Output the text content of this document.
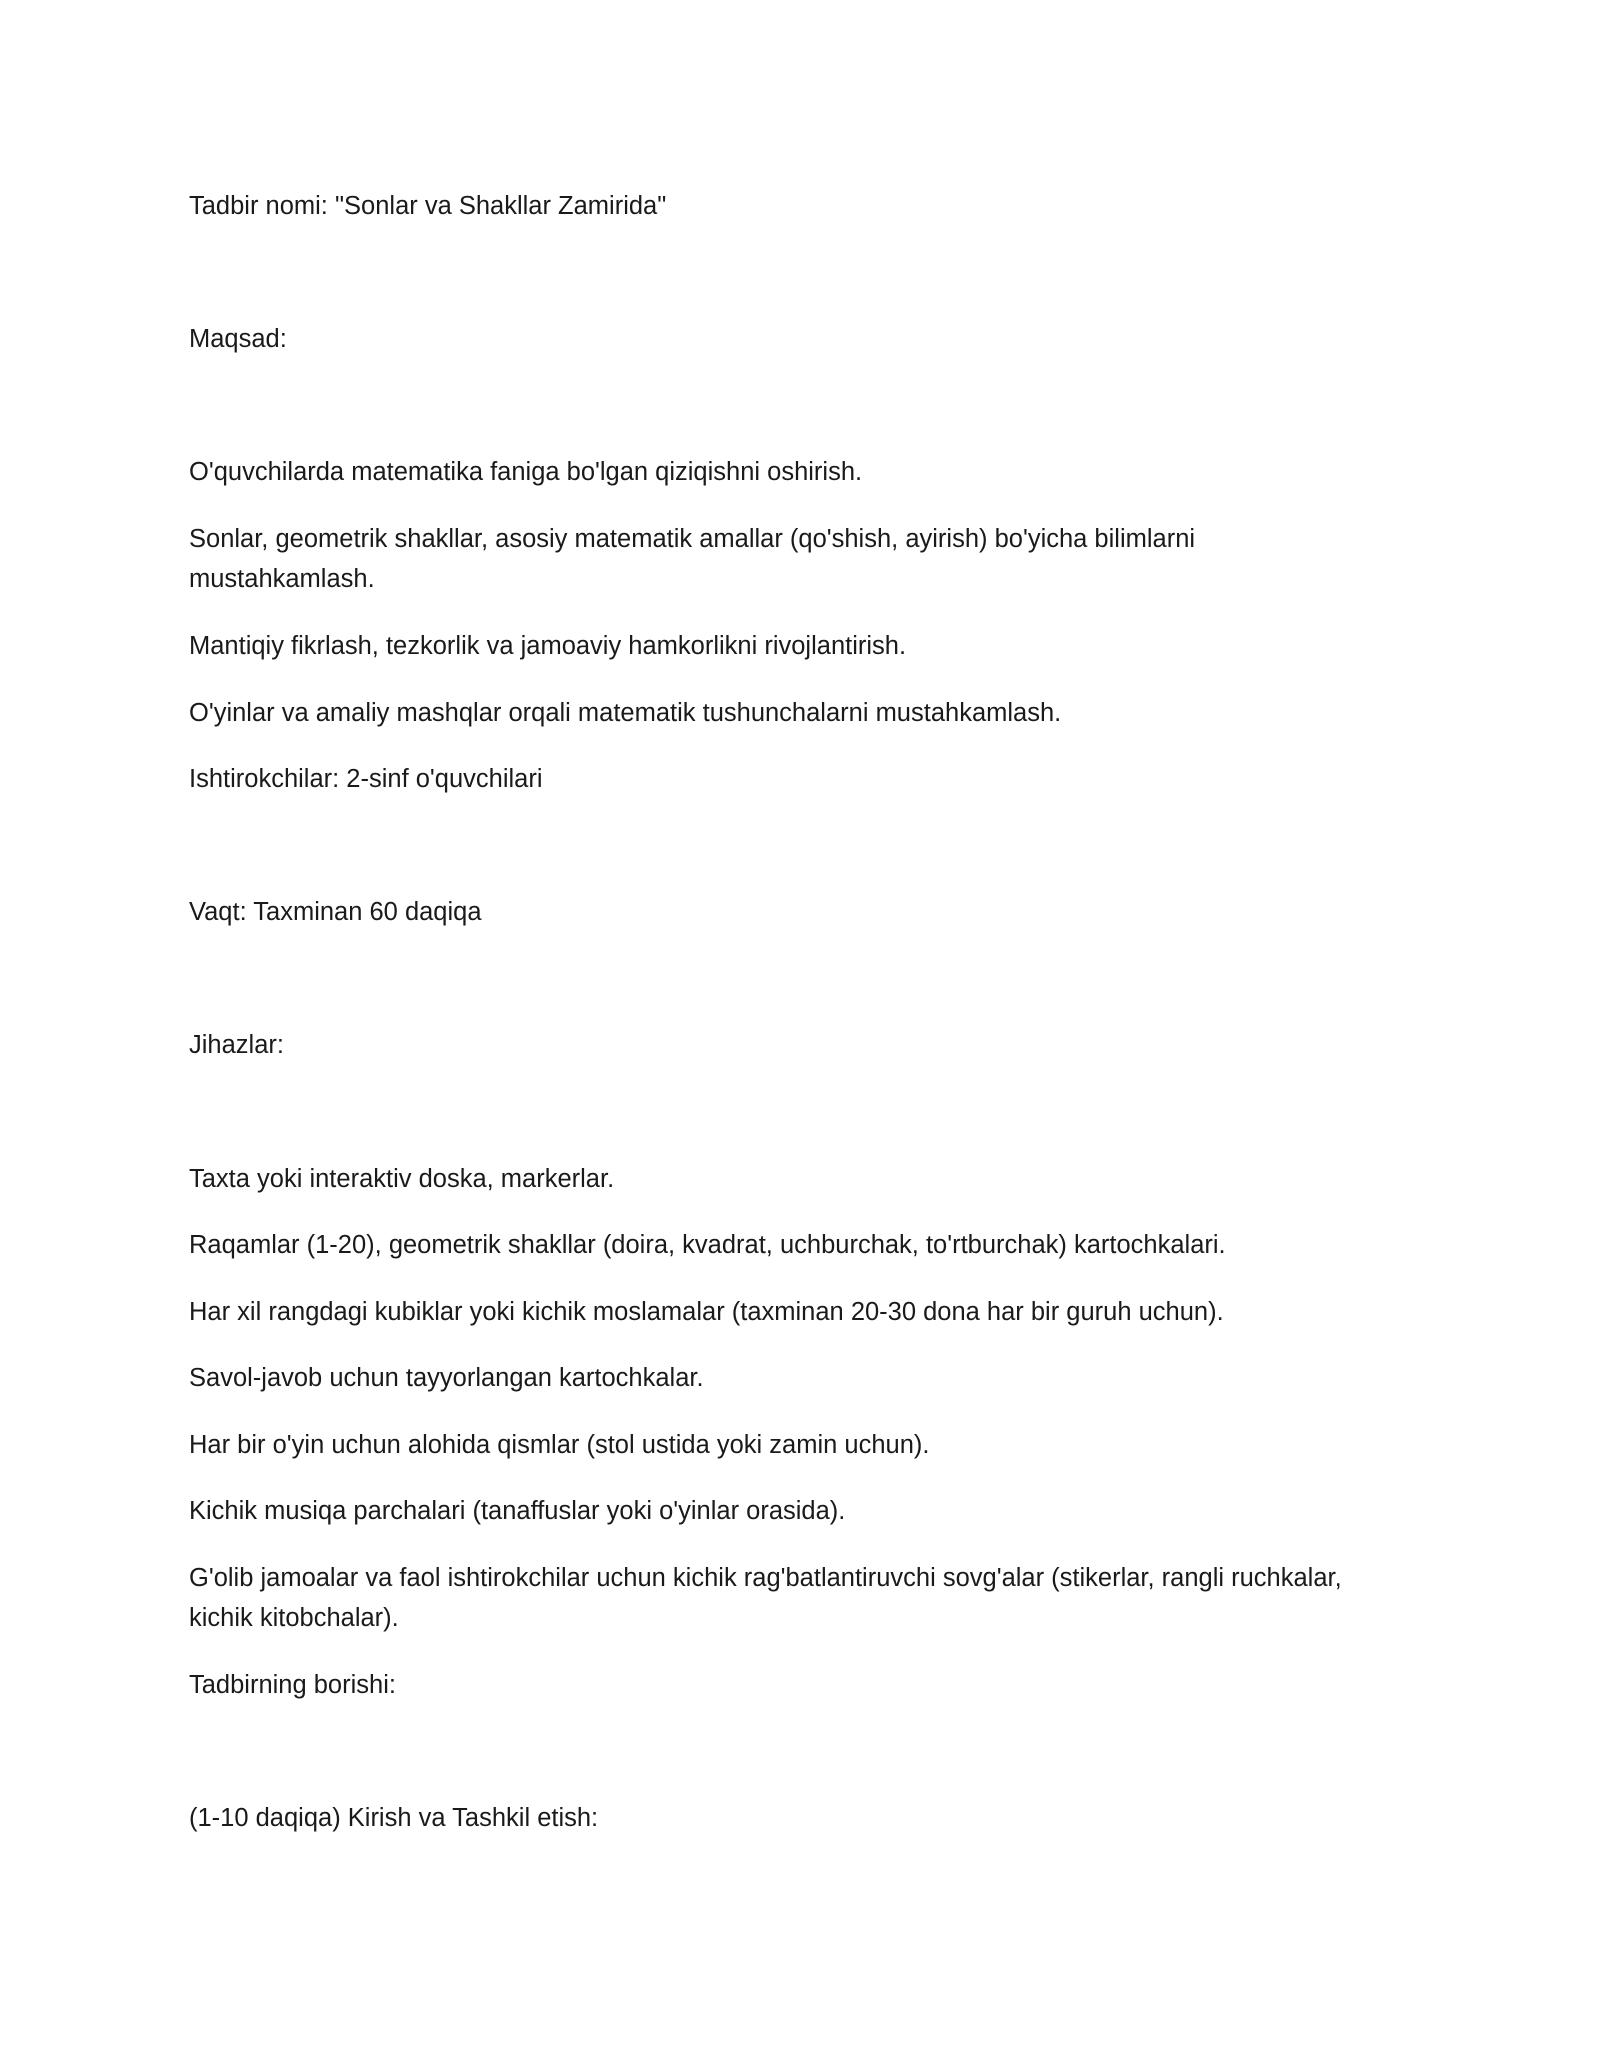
Tadbir nomi: "Sonlar va Shakllar Zamirida"
Maqsad:
O'quvchilarda matematika faniga bo'lgan qiziqishni oshirish.
Sonlar, geometrik shakllar, asosiy matematik amallar (qo'shish, ayirish) bo'yicha bilimlarni
mustahkamlash.
Mantiqiy fikrlash, tezkorlik va jamoaviy hamkorlikni rivojlantirish.
O'yinlar va amaliy mashqlar orqali matematik tushunchalarni mustahkamlash.
Ishtirokchilar: 2-sinf o'quvchilari
Vaqt: Taxminan 60 daqiqa
Jihazlar:
Taxta yoki interaktiv doska, markerlar.
Raqamlar (1-20), geometrik shakllar (doira, kvadrat, uchburchak, to'rtburchak) kartochkalari.
Har xil rangdagi kubiklar yoki kichik moslamalar (taxminan 20-30 dona har bir guruh uchun).
Savol-javob uchun tayyorlangan kartochkalar.
Har bir o'yin uchun alohida qismlar (stol ustida yoki zamin uchun).
Kichik musiqa parchalari (tanaffuslar yoki o'yinlar orasida).
G'olib jamoalar va faol ishtirokchilar uchun kichik rag'batlantiruvchi sovg'alar (stikerlar, rangli ruchkalar,
kichik kitobchalar).
Tadbirning borishi:
(1-10 daqiqa) Kirish va Tashkil etish:
